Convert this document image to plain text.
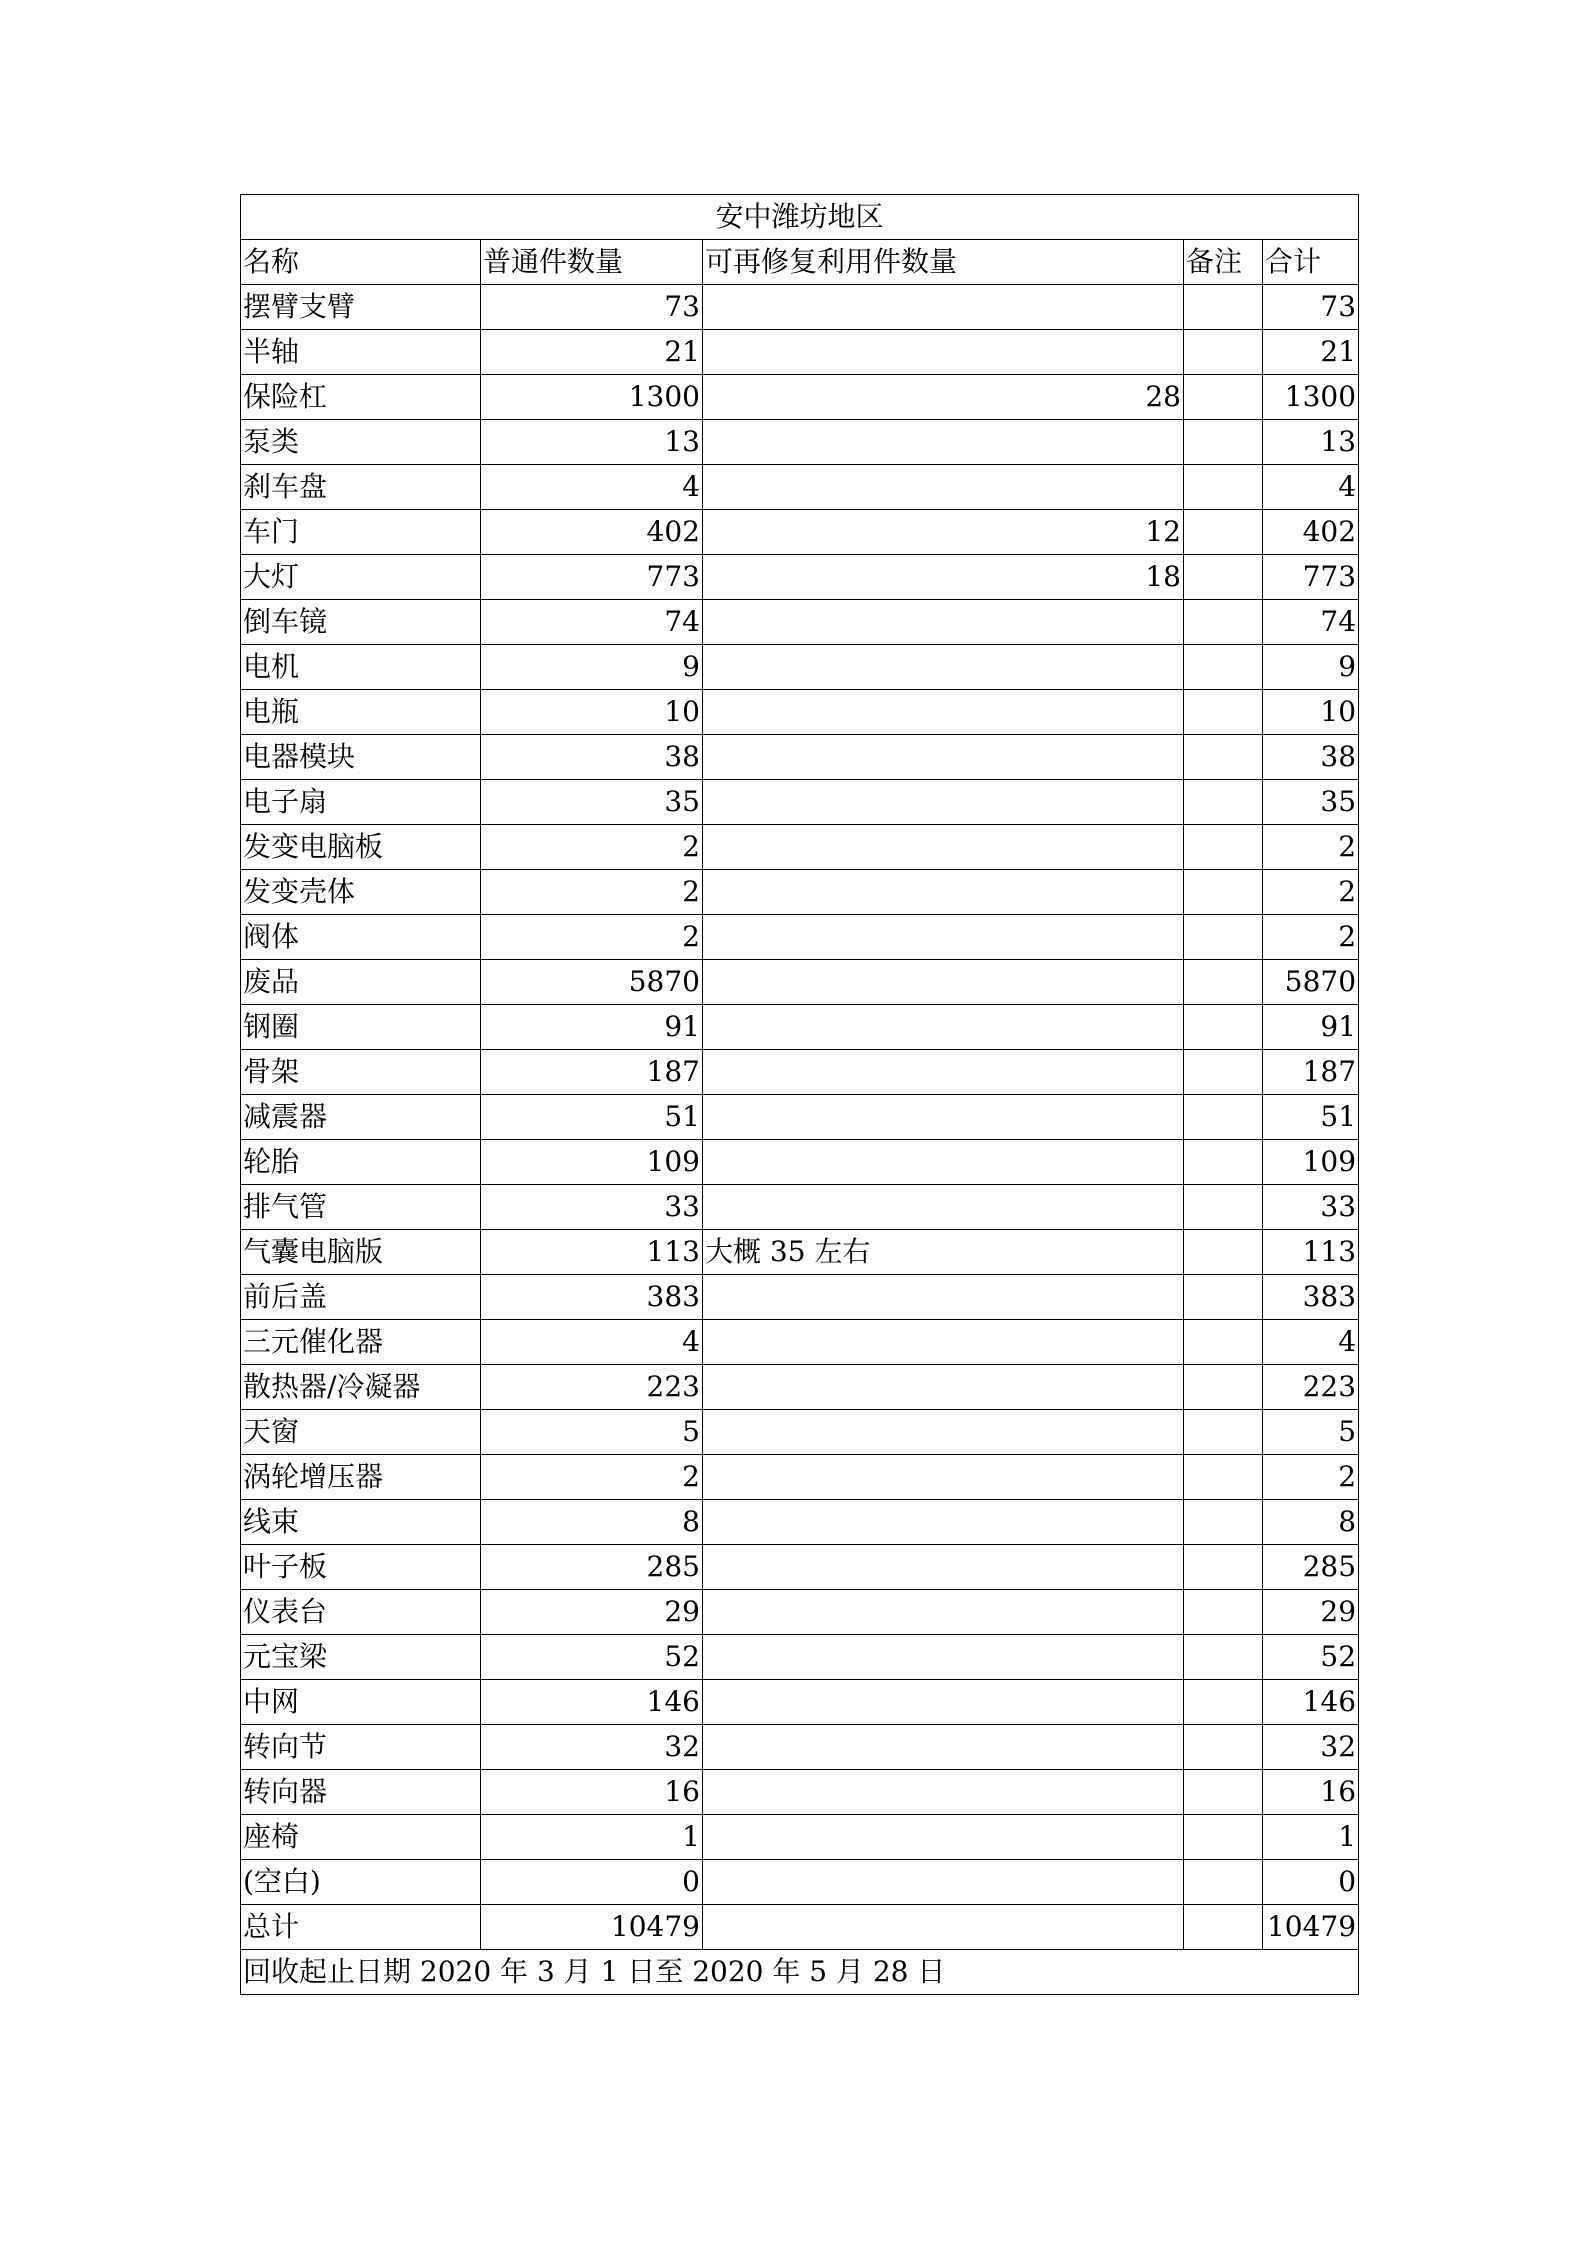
安中潍坊地区				
名称	普通件数量	可再修复利用件数量	备注	合计
摆臂支臂	73			73
半轴	21			21
保险杠	1300	28		1300
泵类	13			13
刹车盘	4			4
车门	402	12		402
大灯	773	18		773
倒车镜	74			74
电机	9			9
电瓶	10			10
电器模块	38			38
电子扇	35			35
发变电脑板	2			2
发变壳体	2			2
阀体	2			2
废品	5870			5870
钢圈	91			91
骨架	187			187
减震器	51			51
轮胎	109			109
排气管	33			33
气囊电脑版	113	大概 35 左右		113
前后盖	383			383
三元催化器	4			4
散热器/冷凝器	223			223
天窗	5			5
涡轮增压器	2			2
线束	8			8
叶子板	285			285
仪表台	29			29
元宝梁	52			52
中网	146			146
转向节	32			32
转向器	16			16
座椅	1			1
(空白)	0			0
总计	10479			10479
回收起止日期 2020 年 3 月 1 日至 2020 年 5 月 28 日				
